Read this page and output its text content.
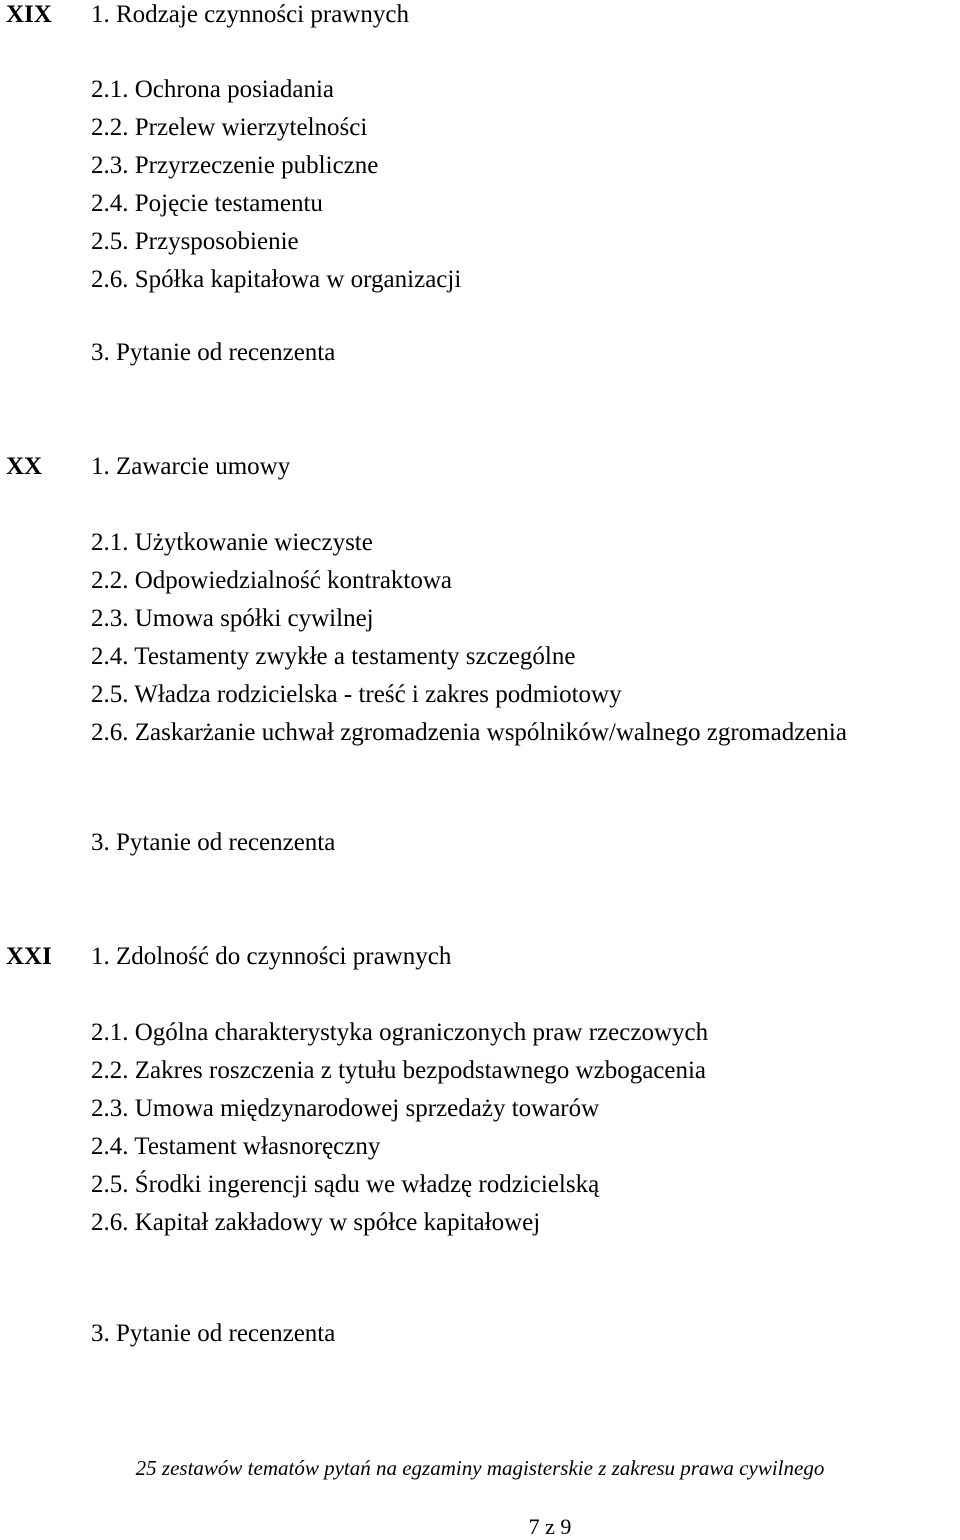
XIX 1. Rodzaje czynności prawnych
2.1. Ochrona posiadania
2.2. Przelew wierzytelności
2.3. Przyrzeczenie publiczne
2.4. Pojęcie testamentu
2.5. Przysposobienie
2.6. Spółka kapitałowa w organizacji
3. Pytanie od recenzenta
XX 1. Zawarcie umowy
2.1. Użytkowanie wieczyste
2.2. Odpowiedzialność kontraktowa
2.3. Umowa spółki cywilnej
2.4. Testamenty zwykłe a testamenty szczególne
2.5. Władza rodzicielska - treść i zakres podmiotowy
2.6. Zaskarżanie uchwał zgromadzenia wspólników/walnego zgromadzenia
3. Pytanie od recenzenta
XXI 1. Zdolność do czynności prawnych
2.1. Ogólna charakterystyka ograniczonych praw rzeczowych
2.2. Zakres roszczenia z tytułu bezpodstawnego wzbogacenia
2.3. Umowa międzynarodowej sprzedaży towarów
2.4. Testament własnoręczny
2.5. Środki ingerencji sądu we władzę rodzicielską
2.6. Kapitał zakładowy w spółce kapitałowej
3. Pytanie od recenzenta
25 zestawów tematów pytań na egzaminy magisterskie z zakresu prawa cywilnego
7 z 9
